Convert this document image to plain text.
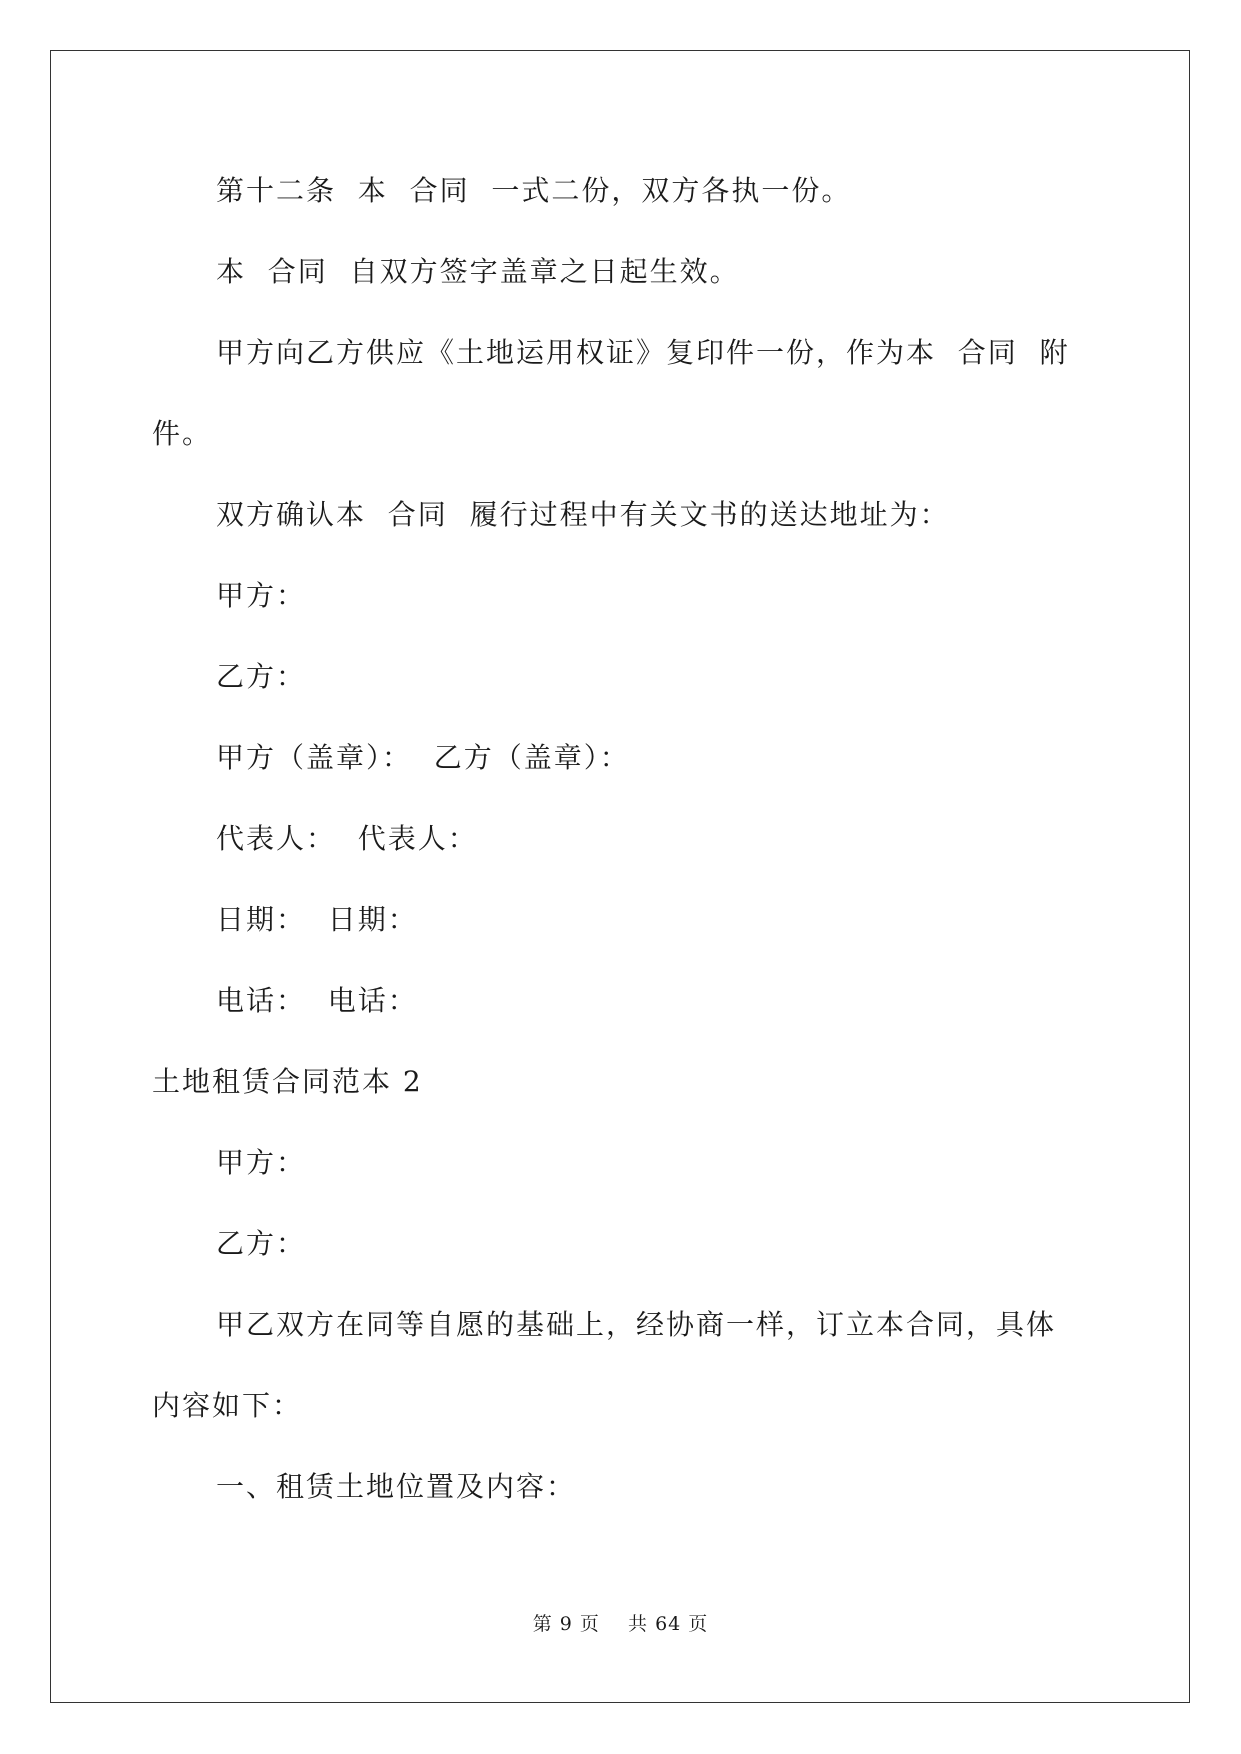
第十二条  本  合同  一式二份，双方各执一份。
本  合同  自双方签字盖章之日起生效。
甲方向乙方供应《土地运用权证》复印件一份，作为本  合同  附
件。
双方确认本  合同  履行过程中有关文书的送达地址为：
甲方：
乙方：
甲方（盖章）：  乙方（盖章）：
代表人：  代表人：
日期：  日期：
电话：  电话：
土地租赁合同范本 2
甲方：
乙方：
甲乙双方在同等自愿的基础上，经协商一样，订立本合同，具体
内容如下：
一、租赁土地位置及内容：
第 9 页    共 64 页
